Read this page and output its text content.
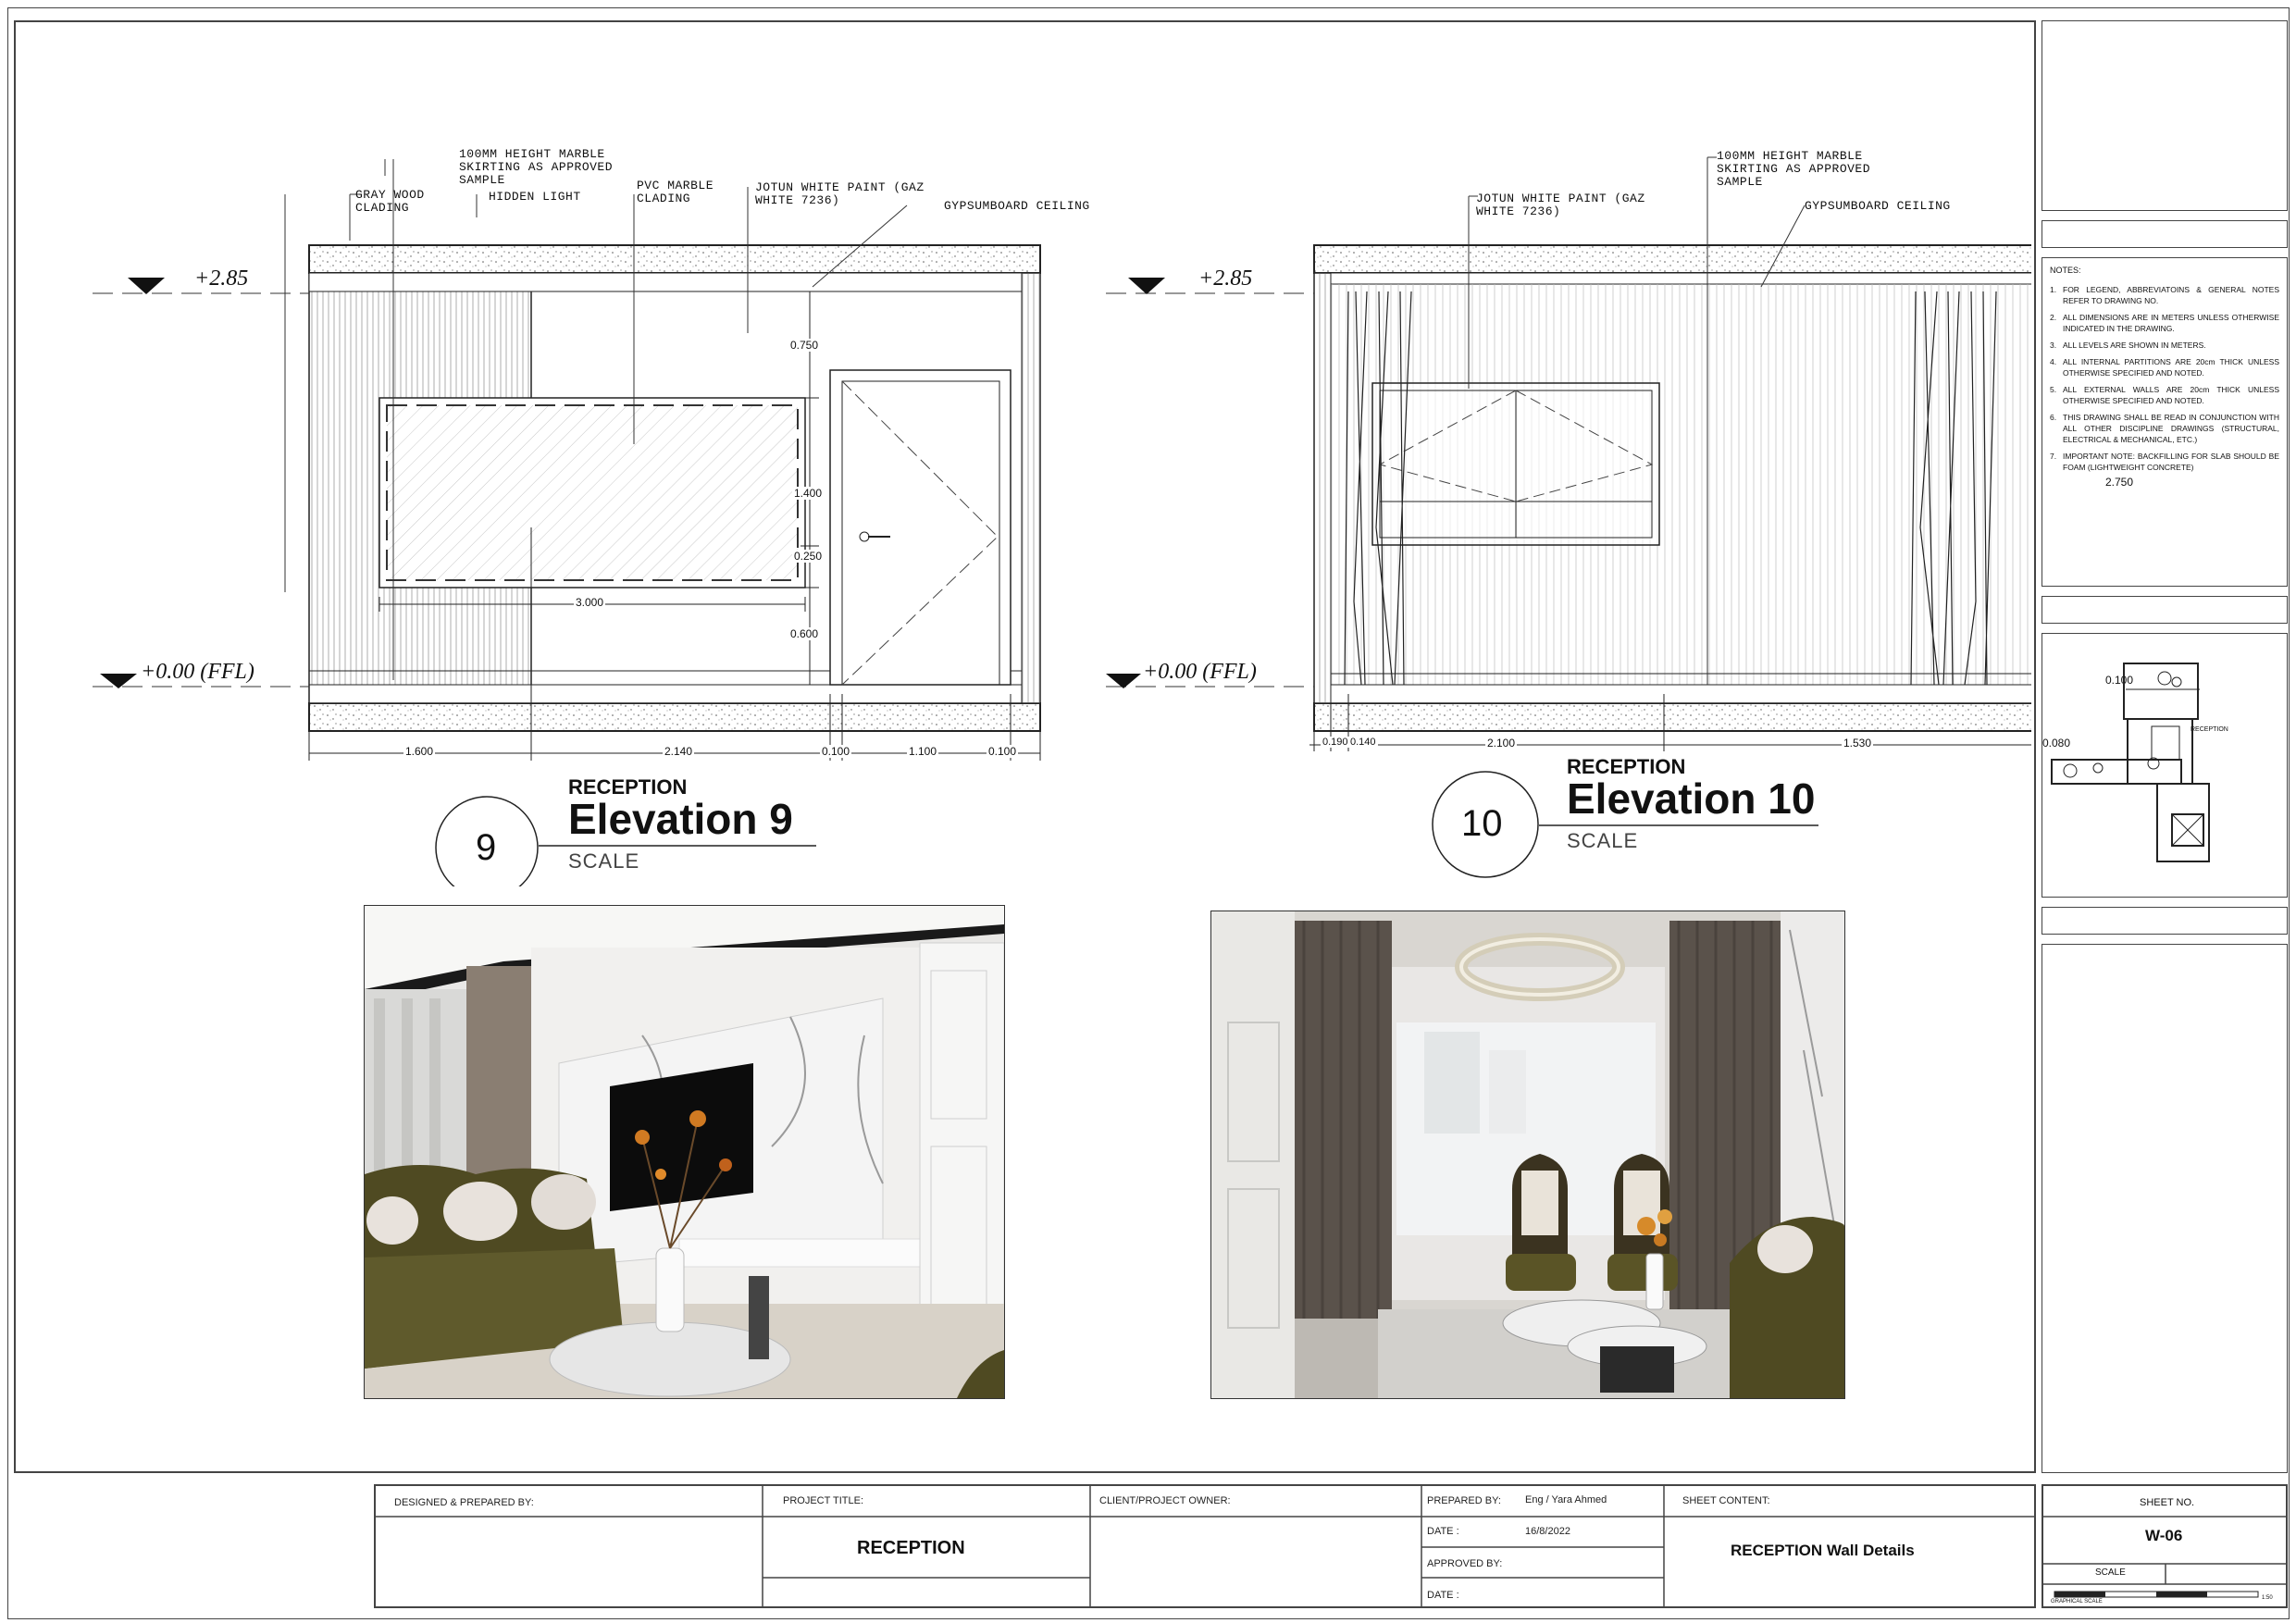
+2.85
+0.00 (FFL)
GRAY WOOD
CLADING
100MM HEIGHT MARBLE
SKIRTING AS APPROVED
SAMPLE
HIDDEN LIGHT
PVC MARBLE
CLADING
JOTUN WHITE PAINT (GAZ
WHITE 7236)	GYPSUMBOARD CEILING
0.750
1.400
0.250
3.000
0.600
1.600	2.140	0.100	1.100	0.100
9
RECEPTION
Elevation 9
SCALE
+2.85
+0.00 (FFL)
JOTUN WHITE PAINT (GAZ
WHITE 7236)
100MM HEIGHT MARBLE
SKIRTING AS APPROVED
SAMPLE
GYPSUMBOARD CEILING
2.750
0.100
0.190 0.140	2.100	1.530	0.080
10
RECEPTION
Elevation 10
SCALE
NOTES:
1. FOR LEGEND, ABBREVIATOINS & GENERAL NOTES REFER TO DRAWING NO.
2. ALL DIMENSIONS ARE IN METERS UNLESS OTHERWISE INDICATED IN THE DRAWING.
3. ALL LEVELS ARE SHOWN IN METERS.
4. ALL INTERNAL PARTITIONS ARE 20cm THICK UNLESS OTHERWISE SPECIFIED AND NOTED.
5. ALL EXTERNAL WALLS ARE 20cm THICK UNLESS OTHERWISE SPECIFIED AND NOTED.
6. THIS DRAWING SHALL BE READ IN CONJUNCTION WITH ALL OTHER DISCIPLINE DRAWINGS (STRUCTURAL, ELECTRICAL & MECHANICAL, ETC.)
7. IMPORTANT NOTE: BACKFILLING FOR SLAB SHOULD BE FOAM (LIGHTWEIGHT CONCRETE)
RECEPTION
DESIGNED & PREPARED BY:	PROJECT TITLE:
RECEPTION
CLIENT/PROJECT OWNER:	PREPARED BY: Eng / Yara Ahmed
DATE :	16/8/2022
APPROVED BY:
DATE :
SHEET CONTENT:
RECEPTION Wall Details
SHEET NO.
W-06
SCALE
GRAPHICAL SCALE
1:50
